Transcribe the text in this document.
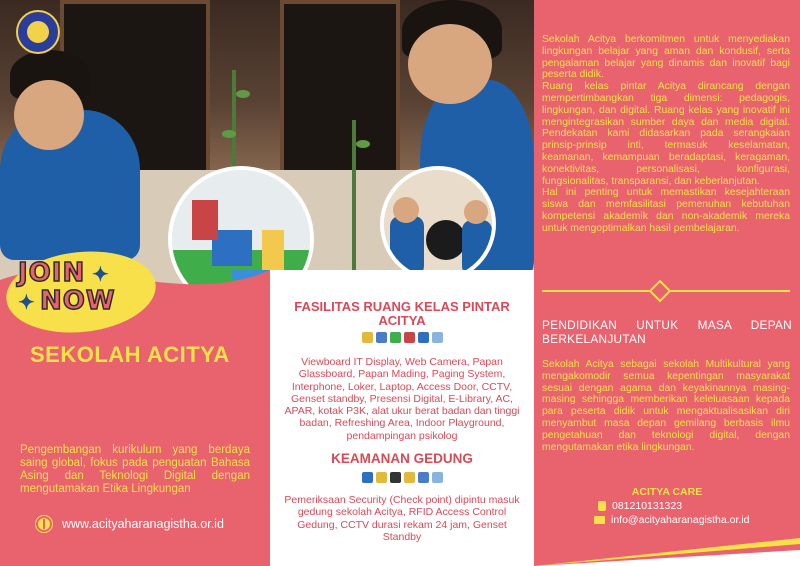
JOIN
NOW
✦
✦
SEKOLAH ACITYA
Pengembangan kurikulum yang berdaya saing global, fokus pada penguatan Bahasa Asing dan Teknologi Digital dengan mengutamakan Etika Lingkungan
www.acityaharanagistha.or.id
FASILITAS RUANG KELAS PINTAR ACITYA
Viewboard IT Display, Web Camera, Papan Glassboard, Papan Mading, Paging System, Interphone, Loker, Laptop, Access Door, CCTV, Genset standby, Presensi Digital, E-Library, AC, APAR, kotak P3K, alat ukur berat badan dan tinggi badan, Refreshing Area, Indoor Playground, pendampingan psikolog
KEAMANAN GEDUNG
Pemeriksaan Security (Check point) dipintu masuk gedung sekolah Acitya, RFID Access Control Gedung, CCTV durasi rekam 24 jam, Genset Standby
Sekolah Acitya berkomitmen untuk menyediakan lingkungan belajar yang aman dan kondusif, serta pengalaman belajar yang dinamis dan inovatif bagi peserta didik.
Ruang kelas pintar Acitya dirancang dengan mempertimbangkan tiga dimensi: pedagogis, lingkungan, dan digital. Ruang kelas yang inovatif ini mengintegrasikan sumber daya dan media digital. Pendekatan kami didasarkan pada serangkaian prinsip-prinsip inti, termasuk keselamatan, keamanan, kemampuan beradaptasi, keragaman, konektivitas, personalisasi, konfigurasi, fungsionalitas, transparansi, dan keberlanjutan.
Hal ini penting untuk memastikan kesejahteraan siswa dan memfasilitasi pemenuhan kebutuhan kompetensi akademik dan non-akademik mereka untuk mengoptimalkan hasil pembelajaran.
PENDIDIKAN UNTUK MASA DEPAN BERKELANJUTAN
Sekolah Acitya sebagai sekolah Multikultural yang mengakomodir semua kepentingan masyarakat sesuai dengan agama dan keyakinannya masing-masing sehingga memberikan keleluasaan kepada para peserta didik untuk mengaktualisasikan diri menyambut masa depan gemilang berbasis ilmu pengetahuan dan teknologi digital, dengan mengutamakan etika lingkungan.
ACITYA CARE
081210131323
info@acityaharanagistha.or.id
